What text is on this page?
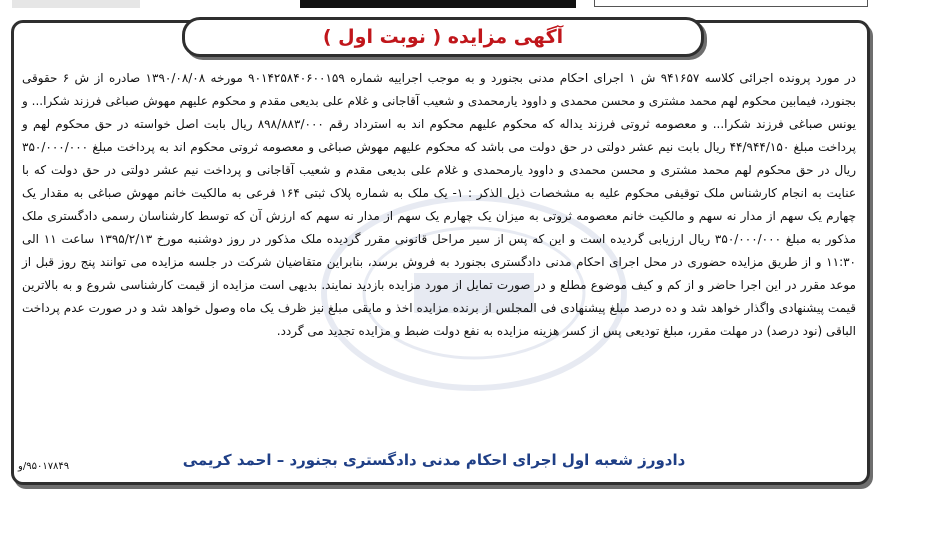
آگهی مزایده ( نوبت اول )
در مورد پرونده اجرائی کلاسه ۹۴۱۶۵۷ ش ۱ اجرای احکام مدنی بجنورد و به موجب اجراییه شماره ۹۰۱۴۲۵۸۴۰۶۰۰۱۵۹ مورخه ۱۳۹۰/۰۸/۰۸ صادره از ش ۶ حقوقی بجنورد، فیمابین محکوم لهم محمد مشتری و محسن محمدی و داوود یارمحمدی و شعیب آقاجانی و غلام علی بدیعی مقدم و محکوم علیهم مهوش صباغی فرزند شکرا... و یونس صباغی فرزند شکرا... و معصومه ثروتی فرزند یداله که محکوم علیهم محکوم اند به استرداد رقم ۸۹۸/۸۸۳/۰۰۰ ریال بابت اصل خواسته در حق محکوم لهم و پرداخت مبلغ ۴۴/۹۴۴/۱۵۰ ریال بابت نیم عشر دولتی در حق دولت می باشد که محکوم علیهم مهوش صباغی و معصومه ثروتی محکوم اند به پرداخت مبلغ ۳۵۰/۰۰۰/۰۰۰ ریال در حق محکوم لهم محمد مشتری و محسن محمدی و داوود یارمحمدی و غلام علی بدیعی مقدم و شعیب آقاجانی و پرداخت نیم عشر دولتی در حق دولت که با عنایت به انجام کارشناس ملک توقیفی محکوم علیه به مشخصات ذیل الذکر : ۱- یک ملک به شماره پلاک ثبتی ۱۶۴ فرعی به مالکیت خانم مهوش صباغی به مقدار یک چهارم یک سهم از مدار نه سهم و مالکیت خانم معصومه ثروتی به میزان یک چهارم یک سهم از مدار نه سهم که ارزش آن که توسط کارشناسان رسمی دادگستری ملک مذکور به مبلغ ۳۵۰/۰۰۰/۰۰۰ ریال ارزیابی گردیده است و این که پس از سیر مراحل قانونی مقرر گردیده ملک مذکور در روز دوشنبه مورخ ۱۳۹۵/۲/۱۳ ساعت ۱۱ الی ۱۱:۳۰ و از طریق مزایده حضوری در محل اجرای احکام مدنی دادگستری بجنورد به فروش برسد، بنابراین متقاضیان شرکت در جلسه مزایده می توانند پنج روز قبل از موعد مقرر در این اجرا حاضر و از کم و کیف موضوع مطلع و در صورت تمایل از مورد مزایده بازدید نمایند. بدیهی است مزایده از قیمت کارشناسی شروع و به بالاترین قیمت پیشنهادی واگذار خواهد شد و ده درصد مبلغ پیشنهادی فی المجلس از برنده مزایده اخذ و مابقی مبلغ نیز ظرف یک ماه وصول خواهد شد و در صورت عدم پرداخت الباقی (نود درصد) در مهلت مقرر، مبلغ تودیعی پس از کسر هزینه مزایده به نفع دولت ضبط و مزایده تجدید می گردد.
دادورز شعبه اول اجرای احکام مدنی دادگستری بجنورد – احمد کریمی
۹۵۰۱۷۸۴۹/و
